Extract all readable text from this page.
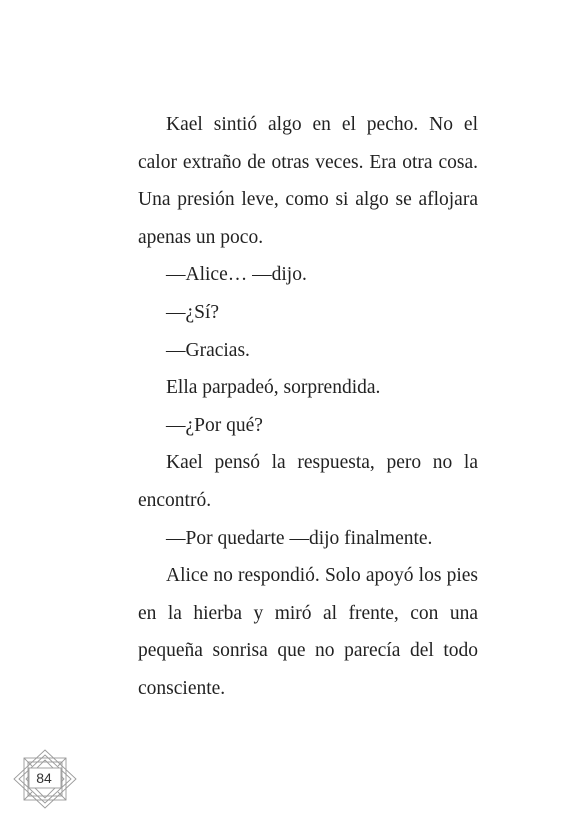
Kael sintió algo en el pecho. No el calor extraño de otras veces. Era otra cosa. Una presión leve, como si algo se aflojara apenas un poco.

—Alice… —dijo.

—¿Sí?

—Gracias.

Ella parpadeó, sorprendida.

—¿Por qué?

Kael pensó la respuesta, pero no la encontró.

—Por quedarte —dijo finalmente.

Alice no respondió. Solo apoyó los pies en la hierba y miró al frente, con una pequeña sonrisa que no parecía del todo consciente.

84
